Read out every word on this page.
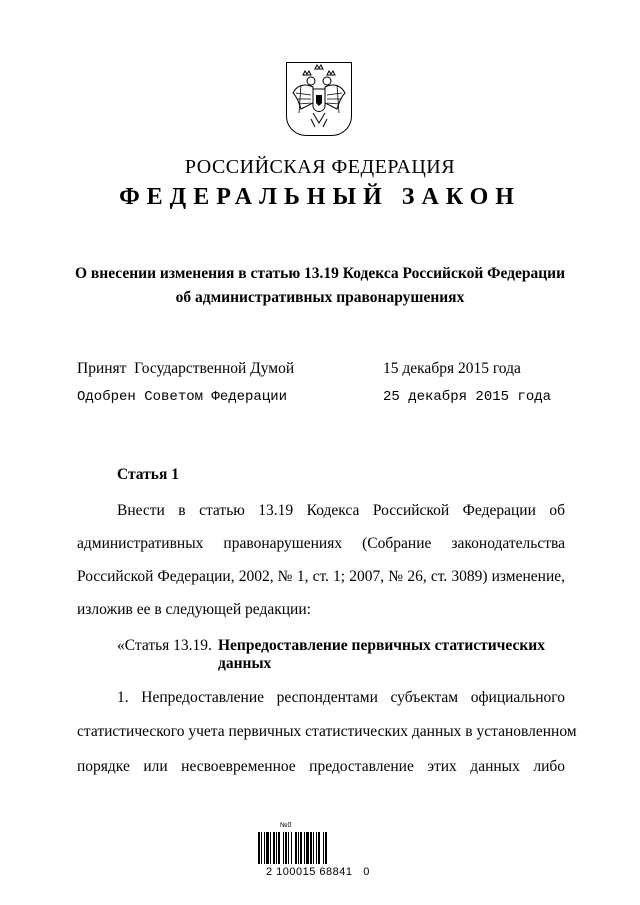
РОССИЙСКАЯ ФЕДЕРАЦИЯ
ФЕДЕРАЛЬНЫЙ ЗАКОН
О внесении изменения в статью 13.19 Кодекса Российской Федерации
об административных правонарушениях
Принят  Государственной Думой	15 декабря 2015 года
Одобрен Советом Федерации	25 декабря 2015 года
Статья 1
Внести в статью 13.19 Кодекса Российской Федерации об
административных правонарушениях (Собрание законодательства
Российской Федерации, 2002, № 1, ст. 1; 2007, № 26, ст. 3089) изменение,
изложив ее в следующей редакции:
«Статья 13.19. Непредоставление первичных статистических данных
1. Непредоставление респондентами субъектам официального
статистического учета первичных статистических данных в установленном
порядке или несвоевременное предоставление этих данных либо
№0
2 100015 68841   0
